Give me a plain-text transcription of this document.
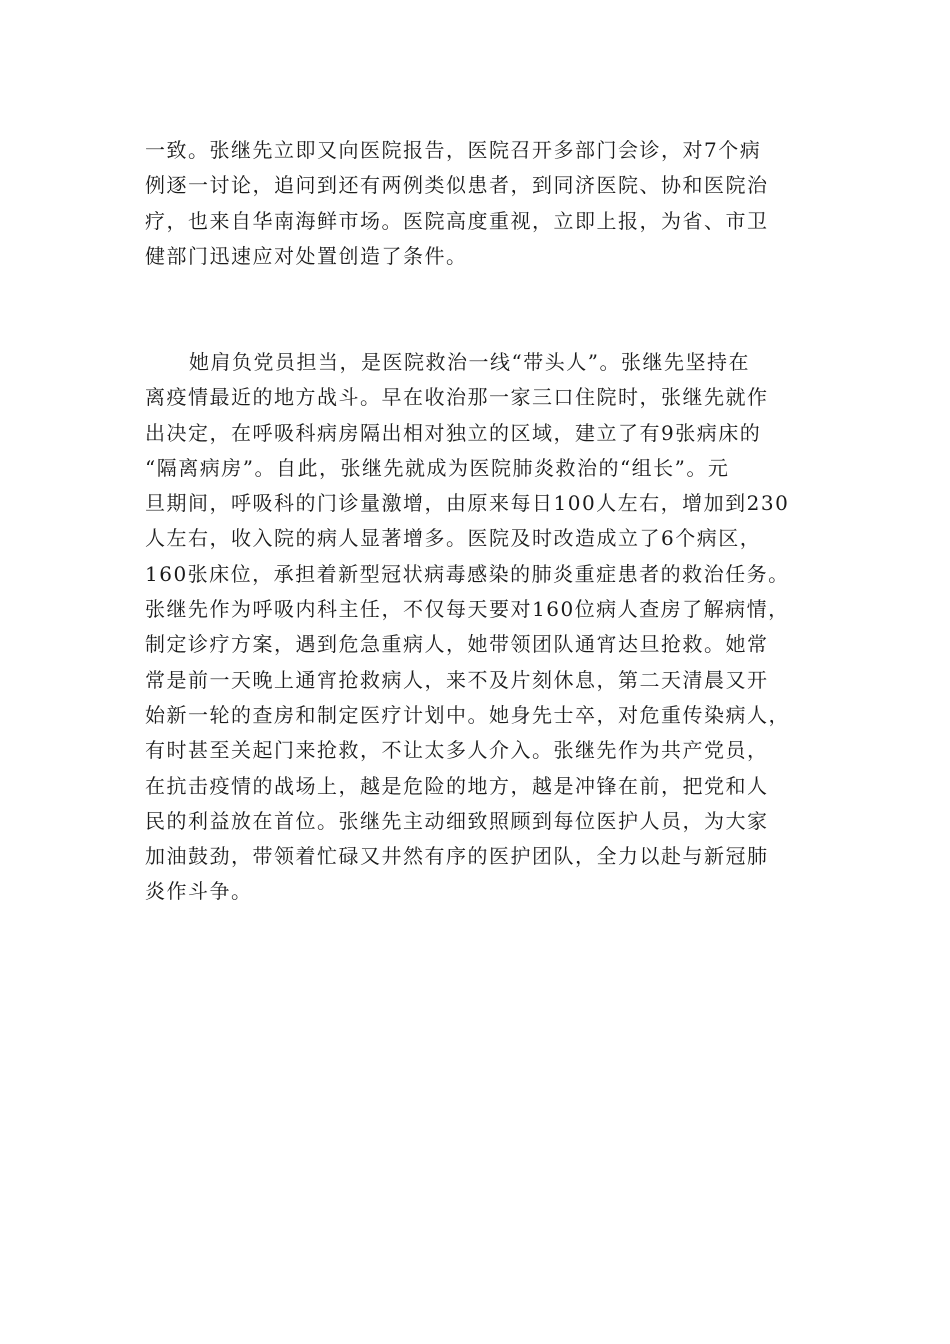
一致。张继先立即又向医院报告，医院召开多部门会诊，对7个病
例逐一讨论，追问到还有两例类似患者，到同济医院、协和医院治
疗，也来自华南海鲜市场。医院高度重视，立即上报，为省、市卫
健部门迅速应对处置创造了条件。
她肩负党员担当，是医院救治一线“带头人”。张继先坚持在
离疫情最近的地方战斗。早在收治那一家三口住院时，张继先就作
出决定，在呼吸科病房隔出相对独立的区域，建立了有9张病床的
“隔离病房”。自此，张继先就成为医院肺炎救治的“组长”。元
旦期间，呼吸科的门诊量激增，由原来每日100人左右，增加到230
人左右，收入院的病人显著增多。医院及时改造成立了6个病区，
160张床位，承担着新型冠状病毒感染的肺炎重症患者的救治任务。
张继先作为呼吸内科主任，不仅每天要对160位病人查房了解病情，
制定诊疗方案，遇到危急重病人，她带领团队通宵达旦抢救。她常
常是前一天晚上通宵抢救病人，来不及片刻休息，第二天清晨又开
始新一轮的查房和制定医疗计划中。她身先士卒，对危重传染病人，
有时甚至关起门来抢救，不让太多人介入。张继先作为共产党员，
在抗击疫情的战场上，越是危险的地方，越是冲锋在前，把党和人
民的利益放在首位。张继先主动细致照顾到每位医护人员，为大家
加油鼓劲，带领着忙碌又井然有序的医护团队，全力以赴与新冠肺
炎作斗争。
